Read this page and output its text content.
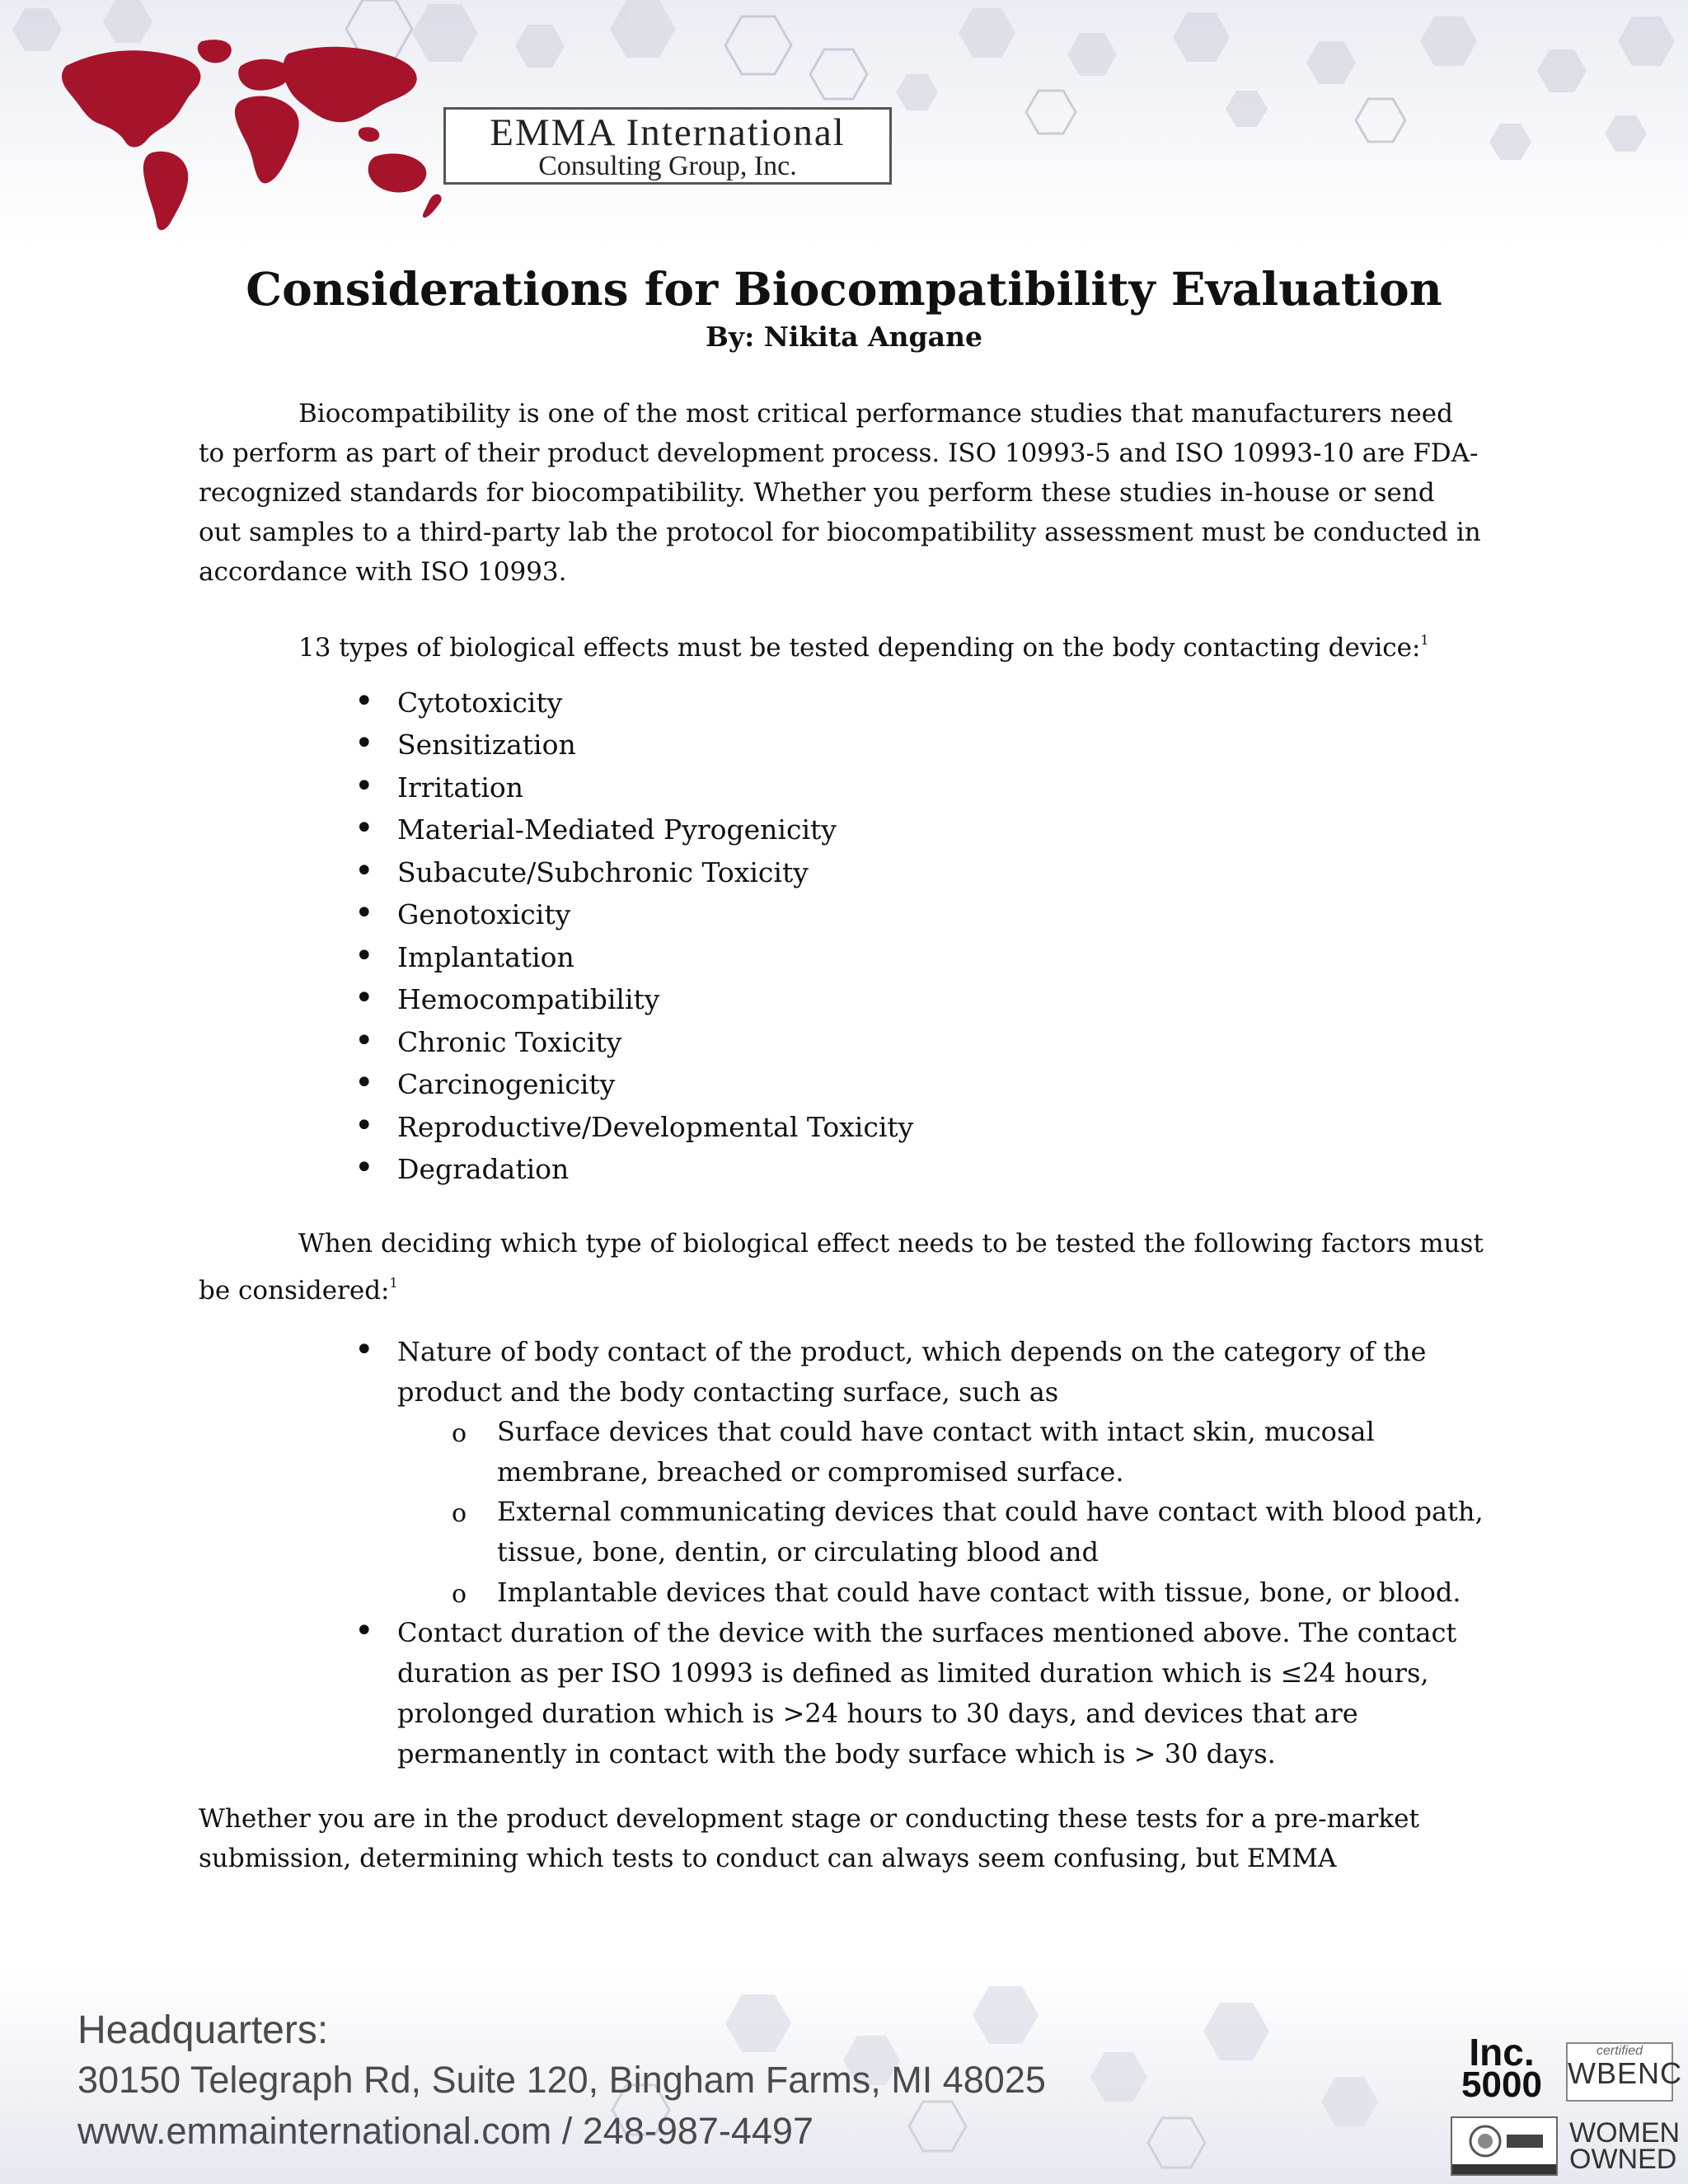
EMMA International
Consulting Group, Inc.
Considerations for Biocompatibility Evaluation

By: Nikita Angane

Biocompatibility is one of the most critical performance studies that manufacturers need to perform as part of their product development process. ISO 10993-5 and ISO 10993-10 are FDA-recognized standards for biocompatibility. Whether you perform these studies in-house or send out samples to a third-party lab the protocol for biocompatibility assessment must be conducted in accordance with ISO 10993.

13 types of biological effects must be tested depending on the body contacting device:$^1$

• Cytotoxicity
• Sensitization
• Irritation
• Material-Mediated Pyrogenicity
• Subacute/Subchronic Toxicity
• Genotoxicity
• Implantation
• Hemocompatibility
• Chronic Toxicity
• Carcinogenicity
• Reproductive/Developmental Toxicity
• Degradation

When deciding which type of biological effect needs to be tested the following factors must be considered:$^1$

• Nature of body contact of the product, which depends on the category of the product and the body contacting surface, such as

o Surface devices that could have contact with intact skin, mucosal membrane, breached or compromised surface.

o External communicating devices that could have contact with blood path, tissue, bone, dentin, or circulating blood and

o Implantable devices that could have contact with tissue, bone, or blood.

• Contact duration of the device with the surfaces mentioned above. The contact duration as per ISO 10993 is defined as limited duration which is ≤24 hours, prolonged duration which is >24 hours to 30 days, and devices that are permanently in contact with the body surface which is > 30 days.

Whether you are in the product development stage or conducting these tests for a pre-market submission, determining which tests to conduct can always seem confusing, but EMMA

Headquarters:

30150 Telegraph Rd, Suite 120, Bingham Farms, MI 48025

www.emmainternational.com / 248-987-4497

Inc.
5000
certified
WBENC

WOMEN
OWNED
